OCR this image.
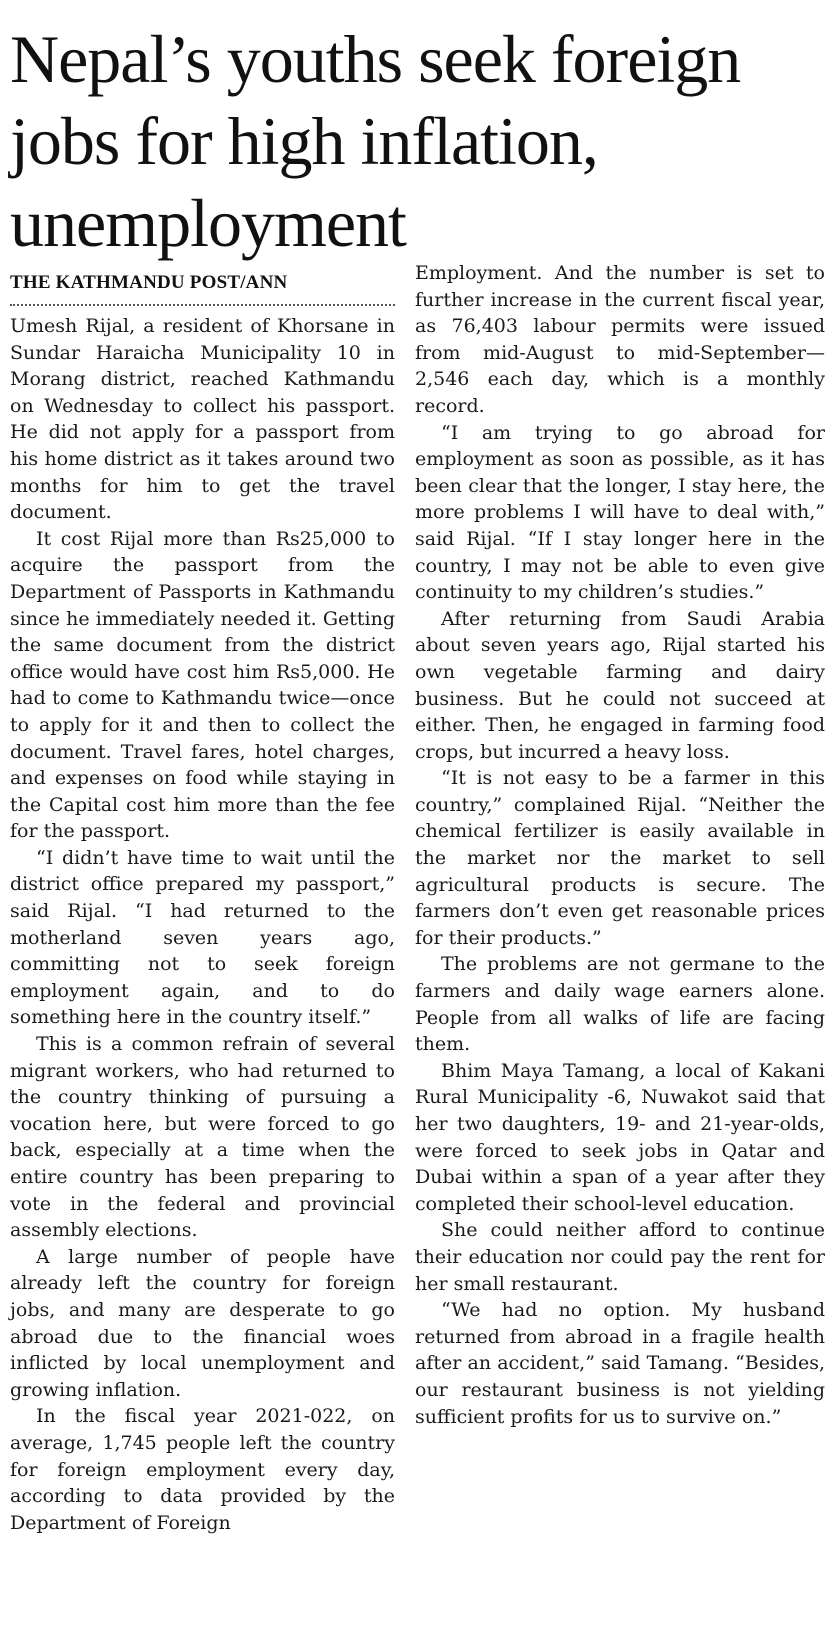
Nepal’s youths seek foreign jobs for high inflation, unemployment
THE KATHMANDU POST/ANN

Umesh Rijal, a resident of Khorsane in Sundar Haraicha Municipality 10 in Morang district, reached Kathmandu on Wednesday to collect his passport. He did not apply for a passport from his home district as it takes around two months for him to get the travel document.

It cost Rijal more than Rs25,000 to acquire the passport from the Department of Passports in Kathmandu since he immediately needed it. Getting the same document from the district office would have cost him Rs5,000. He had to come to Kathmandu twice—once to apply for it and then to collect the document. Travel fares, hotel charges, and expenses on food while staying in the Capital cost him more than the fee for the passport.

“I didn’t have time to wait until the district office prepared my passport,” said Rijal. “I had returned to the motherland seven years ago, committing not to seek foreign employment again, and to do something here in the country itself.”

This is a common refrain of several migrant workers, who had returned to the country thinking of pursuing a vocation here, but were forced to go back, especially at a time when the entire country has been preparing to vote in the federal and provincial assembly elections.

A large number of people have already left the country for foreign jobs, and many are desperate to go abroad due to the financial woes inflicted by local unemployment and growing inflation.

In the fiscal year 2021-022, on average, 1,745 people left the country for foreign employment every day, according to data provided by the Department of Foreign

Employment. And the number is set to further increase in the current fiscal year, as 76,403 labour permits were issued from mid-August to mid-September—2,546 each day, which is a monthly record.

“I am trying to go abroad for employment as soon as possible, as it has been clear that the longer, I stay here, the more problems I will have to deal with,” said Rijal. “If I stay longer here in the country, I may not be able to even give continuity to my children’s studies.”

After returning from Saudi Arabia about seven years ago, Rijal started his own vegetable farming and dairy business. But he could not succeed at either. Then, he engaged in farming food crops, but incurred a heavy loss.

“It is not easy to be a farmer in this country,” complained Rijal. “Neither the chemical fertilizer is easily available in the market nor the market to sell agricultural products is secure. The farmers don’t even get reasonable prices for their products.”

The problems are not germane to the farmers and daily wage earners alone. People from all walks of life are facing them.

Bhim Maya Tamang, a local of Kakani Rural Municipality -6, Nuwakot said that her two daughters, 19- and 21-year-olds, were forced to seek jobs in Qatar and Dubai within a span of a year after they completed their school-level education.

She could neither afford to continue their education nor could pay the rent for her small restaurant.

“We had no option. My husband returned from abroad in a fragile health after an accident,” said Tamang. “Besides, our restaurant business is not yielding sufficient profits for us to survive on.”
